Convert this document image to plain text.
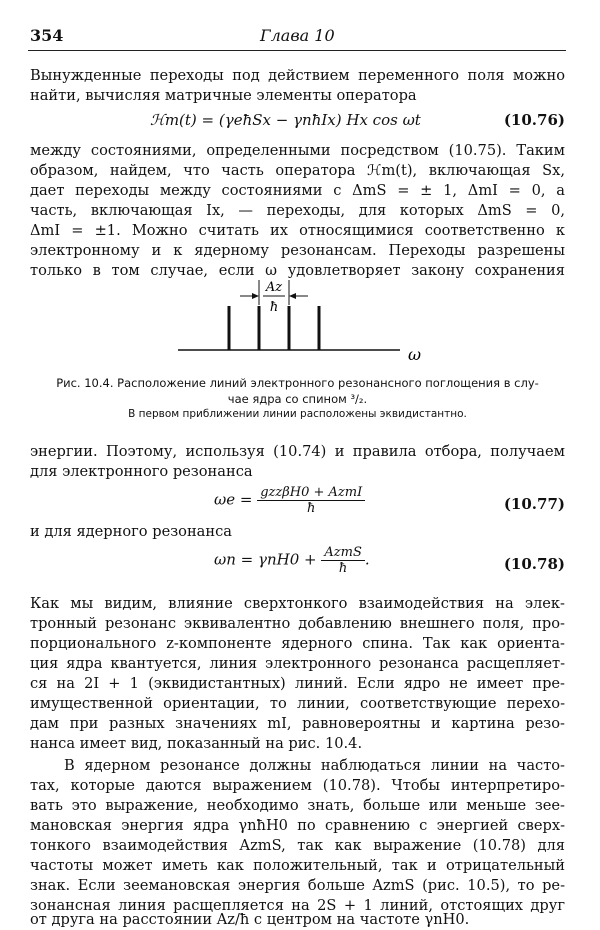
354	Глава 10
Вынужденные переходы под действием переменного поля можно
найти, вычисляя матричные элементы оператора
ℋm(t) = (γeħSx − γnħIx) Hx cos ωt	(10.76)
между состояниями, определенными посредством (10.75). Таким
образом, найдем, что часть оператора ℋm(t), включающая Sx,
дает переходы между состояниями с ΔmS = ± 1, ΔmI = 0, а
часть, включающая Ix, — переходы, для которых ΔmS = 0,
ΔmI = ±1. Можно считать их относящимися соответственно к
электронному и к ядерному резонансам. Переходы разрешены
только в том случае, если ω удовлетворяет закону сохранения
Az
ħ
ω
Рис. 10.4. Расположение линий электронного резонансного поглощения в слу-
чае ядра со спином ³/₂.
В первом приближении линии расположены эквидистантно.
энергии. Поэтому, используя (10.74) и правила отбора, получаем
для электронного резонанса
$\omega e = \frac{\text{gzzβH0 + AzmI}}{ħ}$	(10.77)
и для ядерного резонанса
$\omega n = \gamma nH0 + \frac{\text{AzmS}}{ħ}$ .	(10.78)
Как мы видим, влияние сверхтонкого взаимодействия на элек-
тронный резонанс эквивалентно добавлению внешнего поля, про-
порционального z-компоненте ядерного спина. Так как ориента-
ция ядра квантуется, линия электронного резонанса расщепляет-
ся на 2I + 1 (эквидистантных) линий. Если ядро не имеет пре-
имущественной ориентации, то линии, соответствующие перехо-
дам при разных значениях mI, равновероятны и картина резо-
нанса имеет вид, показанный на рис. 10.4.
В ядерном резонансе должны наблюдаться линии на часто-
тах, которые даются выражением (10.78). Чтобы интерпретиро-
вать это выражение, необходимо знать, больше или меньше зее-
мановская энергия ядра γnħH0 по сравнению с энергией сверх-
тонкого взаимодействия AzmS, так как выражение (10.78) для
частоты может иметь как положительный, так и отрицательный
знак. Если зеемановская энергия больше AzmS (рис. 10.5), то ре-
зонансная линия расщепляется на 2S + 1 линий, отстоящих друг
от друга на расстоянии Az/ħ с центром на частоте γnH0.
